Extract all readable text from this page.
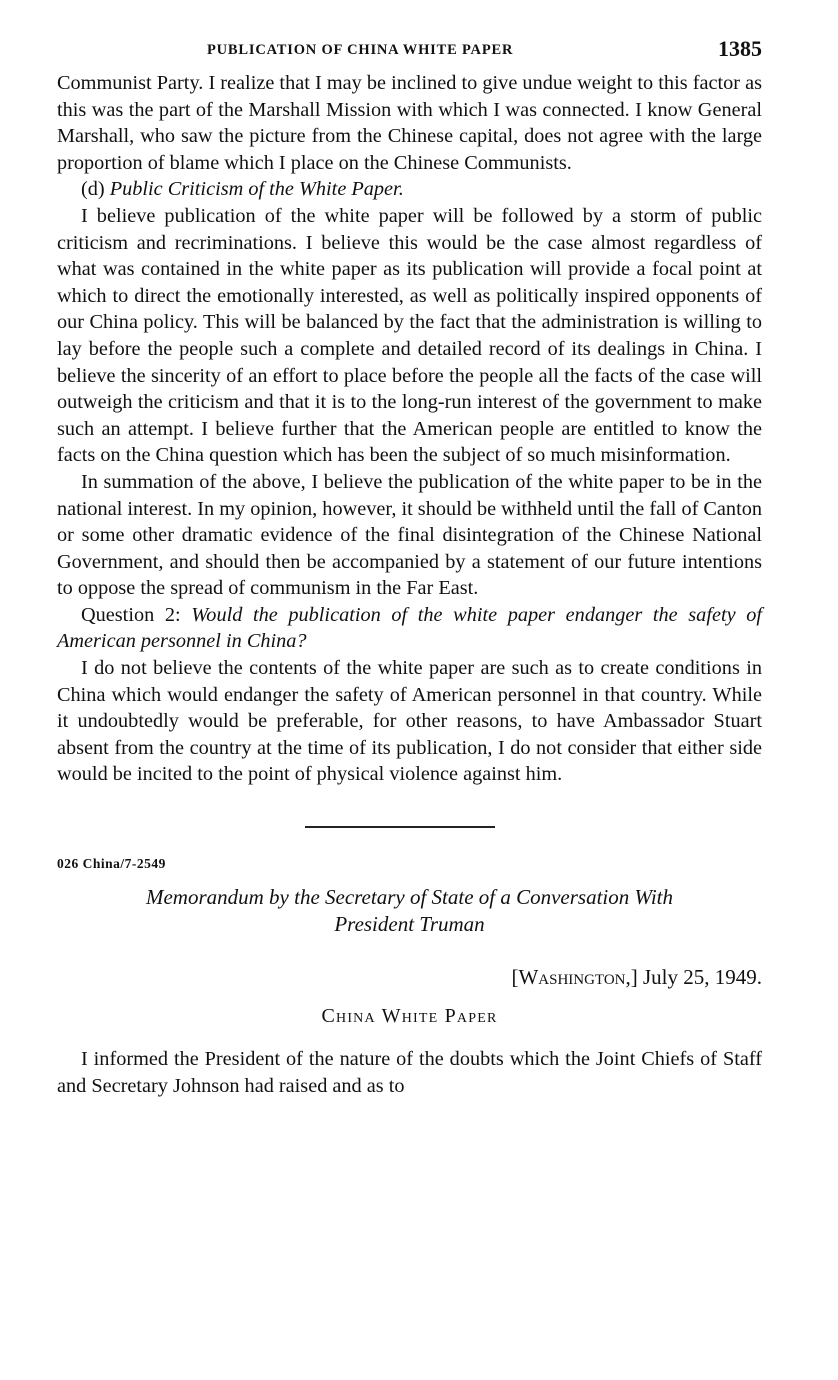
PUBLICATION OF CHINA WHITE PAPER	1385

Communist Party. I realize that I may be inclined to give undue weight to this factor as this was the part of the Marshall Mission with which I was connected. I know General Marshall, who saw the picture from the Chinese capital, does not agree with the large proportion of blame which I place on the Chinese Communists.

(d) Public Criticism of the White Paper.

I believe publication of the white paper will be followed by a storm of public criticism and recriminations. I believe this would be the case almost regardless of what was contained in the white paper as its publication will provide a focal point at which to direct the emotionally interested, as well as politically inspired opponents of our China policy. This will be balanced by the fact that the administration is willing to lay before the people such a complete and detailed record of its dealings in China. I believe the sincerity of an effort to place before the people all the facts of the case will outweigh the criticism and that it is to the long-run interest of the government to make such an attempt. I believe further that the American people are entitled to know the facts on the China question which has been the subject of so much misinformation.

In summation of the above, I believe the publication of the white paper to be in the national interest. In my opinion, however, it should be withheld until the fall of Canton or some other dramatic evidence of the final disintegration of the Chinese National Government, and should then be accompanied by a statement of our future intentions to oppose the spread of communism in the Far East.

Question 2: Would the publication of the white paper endanger the safety of American personnel in China?

I do not believe the contents of the white paper are such as to create conditions in China which would endanger the safety of American personnel in that country. While it undoubtedly would be preferable, for other reasons, to have Ambassador Stuart absent from the country at the time of its publication, I do not consider that either side would be incited to the point of physical violence against him.

026 China/7-2549
Memorandum by the Secretary of State of a Conversation With
President Truman
[Washington,] July 25, 1949.
China White Paper

I informed the President of the nature of the doubts which the Joint Chiefs of Staff and Secretary Johnson had raised and as to
